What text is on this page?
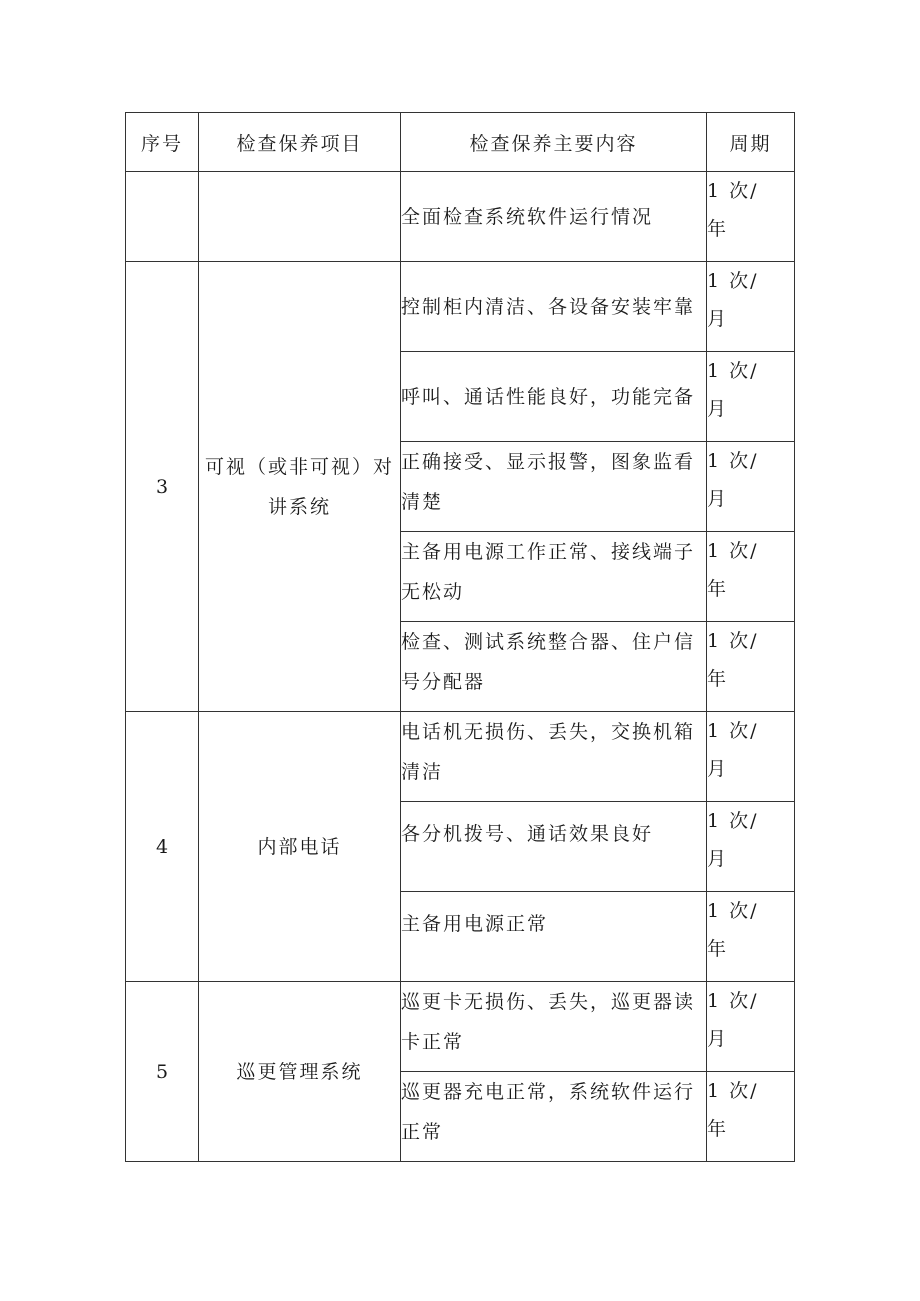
序号	检查保养项目	检查保养主要内容	周期
		全面检查系统软件运行情况	1 次/
年

3	可视（或非可视）对讲系统	控制柜内清洁、各设备安装牢靠	1 次/
月

		呼叫、通话性能良好，功能完备	1 次/
月

		正确接受、显示报警，图象监看清楚	1 次/
月

		主备用电源工作正常、接线端子无松动	1 次/
年

		检查、测试系统整合器、住户信号分配器	1 次/
年

4	内部电话	电话机无损伤、丢失，交换机箱清洁	1 次/
月

		各分机拨号、通话效果良好	1 次/
月

		主备用电源正常	1 次/
年

5	巡更管理系统	巡更卡无损伤、丢失，巡更器读卡正常	1 次/
月

		巡更器充电正常，系统软件运行正常	1 次/
年
